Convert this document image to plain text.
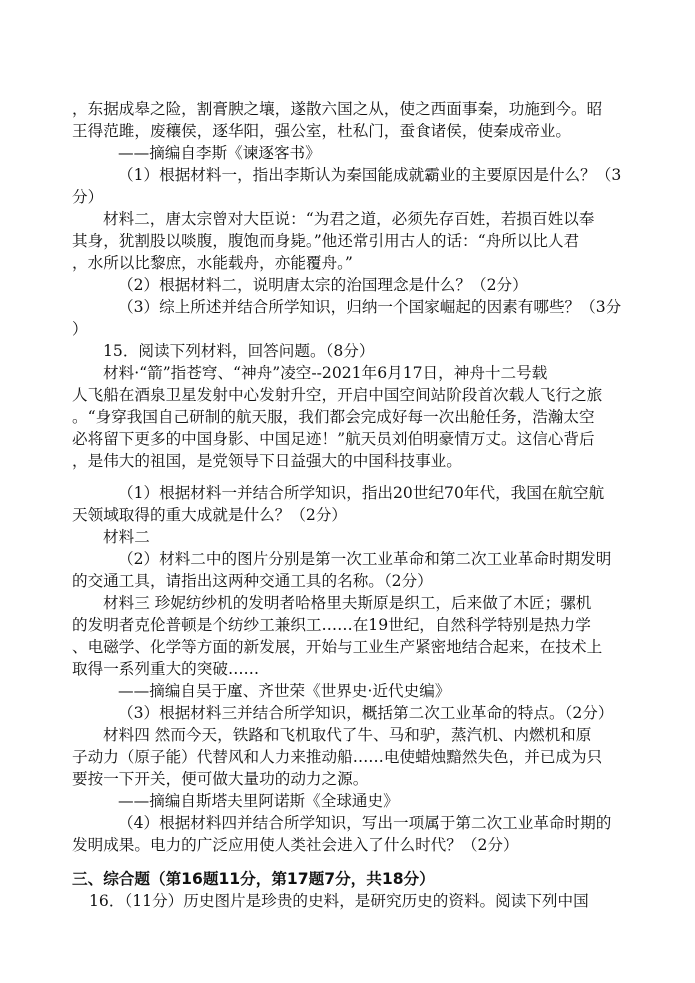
，东据成皋之险，割膏腴之壤，遂散六国之从，使之西面事秦，功施到今。昭
王得范雎，废穰侯，逐华阳，强公室，杜私门，蚕食诸侯，使秦成帝业。
——摘编自李斯《谏逐客书》
（1）根据材料一，指出李斯认为秦国能成就霸业的主要原因是什么？（3
分）
材料二，唐太宗曾对大臣说：“为君之道，必须先存百姓，若损百姓以奉
其身，犹割股以啖腹，腹饱而身毙。”他还常引用古人的话：“舟所以比人君
，水所以比黎庶，水能载舟，亦能覆舟。”
（2）根据材料二，说明唐太宗的治国理念是什么？（2分）
（3）综上所述并结合所学知识，归纳一个国家崛起的因素有哪些？（3分
）
15．阅读下列材料，回答问题。（8分）
材料·“箭”指苍穹、“神舟”凌空--2021年6月17日，神舟十二号载
人飞船在酒泉卫星发射中心发射升空，开启中国空间站阶段首次载人飞行之旅
。“身穿我国自己研制的航天服，我们都会完成好每一次出舱任务，浩瀚太空
必将留下更多的中国身影、中国足迹！”航天员刘伯明豪情万丈。这信心背后
，是伟大的祖国，是党领导下日益强大的中国科技事业。
（1）根据材料一并结合所学知识，指出20世纪70年代，我国在航空航
天领域取得的重大成就是什么？（2分）
材料二
（2）材料二中的图片分别是第一次工业革命和第二次工业革命时期发明
的交通工具，请指出这两种交通工具的名称。（2分）
材料三 珍妮纺纱机的发明者哈格里夫斯原是织工，后来做了木匠；骡机
的发明者克伦普顿是个纺纱工兼织工……在19世纪，自然科学特别是热力学
、电磁学、化学等方面的新发展，开始与工业生产紧密地结合起来，在技术上
取得一系列重大的突破……
——摘编自吴于廑、齐世荣《世界史·近代史编》
（3）根据材料三并结合所学知识，概括第二次工业革命的特点。（2分）
材料四 然而今天，铁路和飞机取代了牛、马和驴，蒸汽机、内燃机和原
子动力（原子能）代替风和人力来推动船……电使蜡烛黯然失色，并已成为只
要按一下开关，便可做大量功的动力之源。
——摘编自斯塔夫里阿诺斯《全球通史》
（4）根据材料四并结合所学知识，写出一项属于第二次工业革命时期的
发明成果。电力的广泛应用使人类社会进入了什么时代？（2分）
三、综合题（第16题11分，第17题7分，共18分）
16．（11分）历史图片是珍贵的史料，是研究历史的资料。阅读下列中国
